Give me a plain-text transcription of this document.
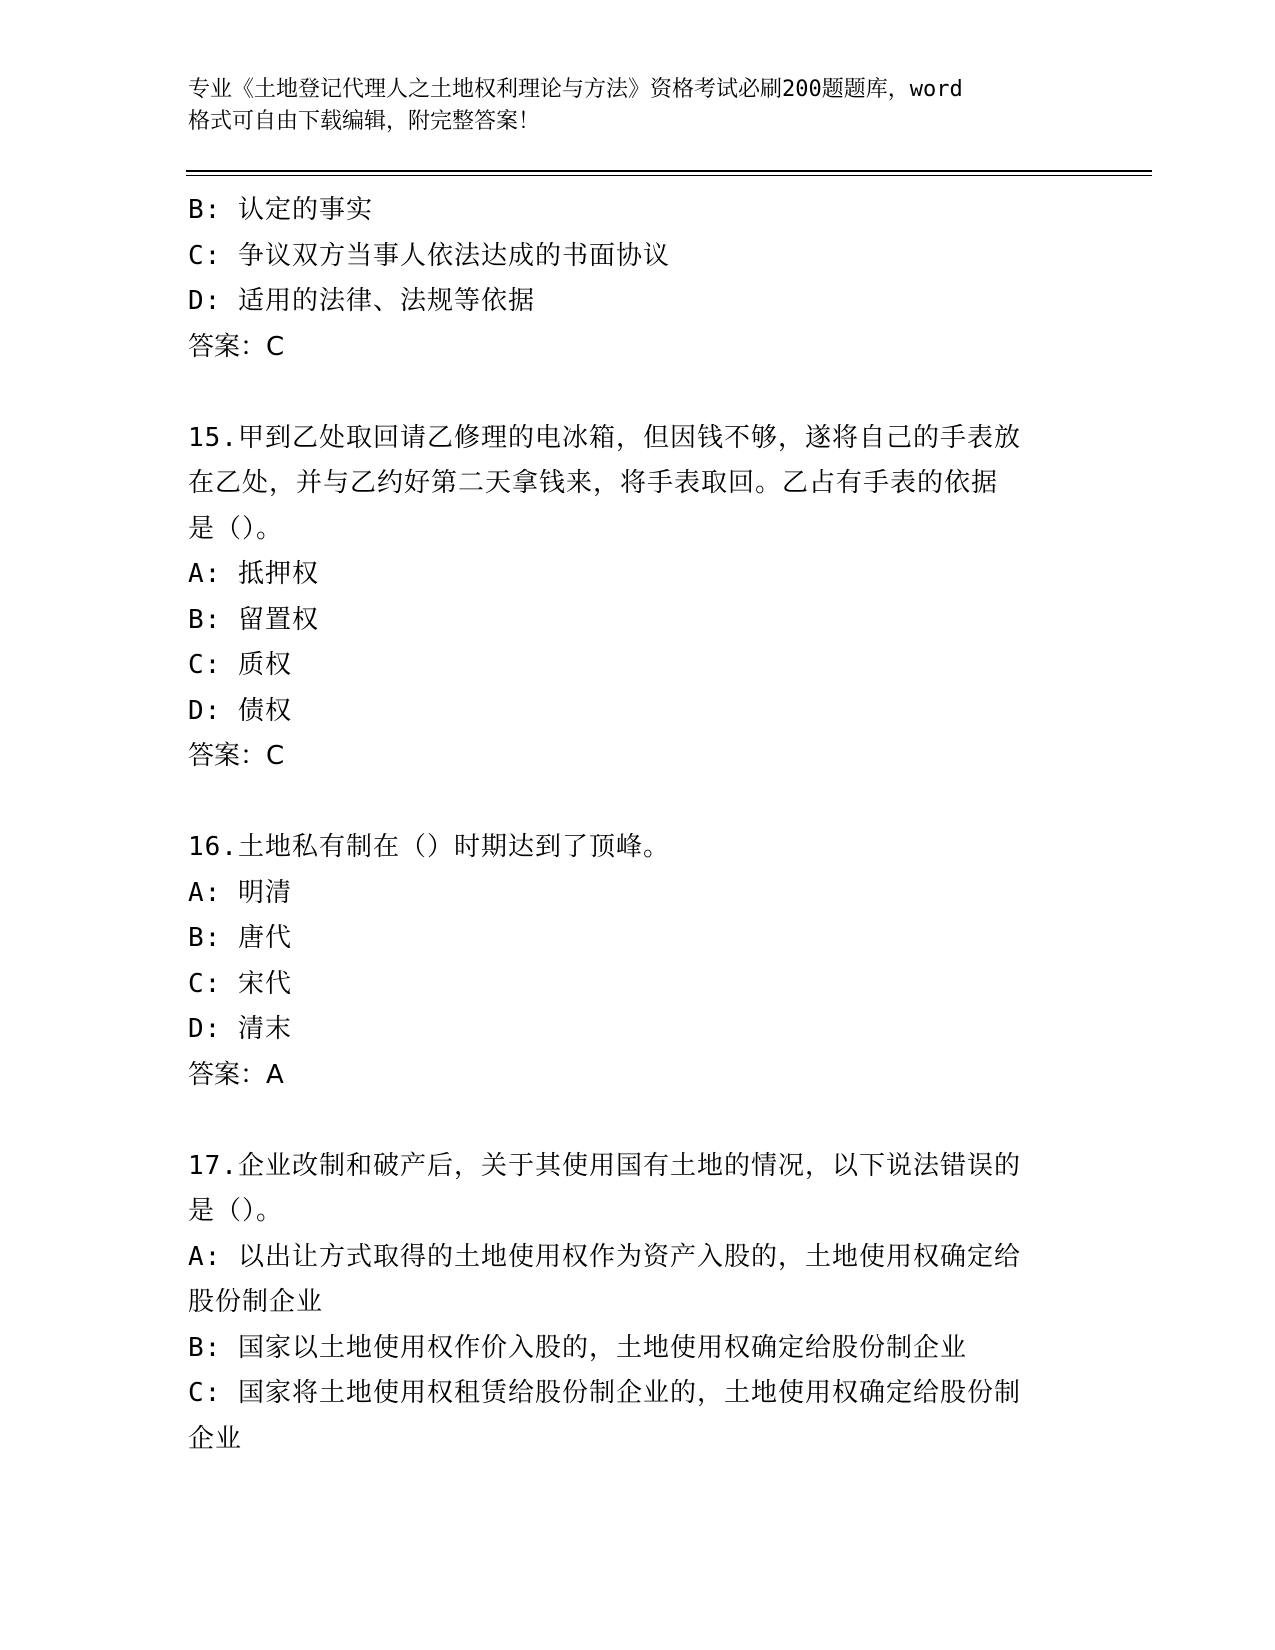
专业《土地登记代理人之土地权利理论与方法》资格考试必刷200题题库，word
格式可自由下载编辑，附完整答案！
B: 认定的事实
C: 争议双方当事人依法达成的书面协议
D: 适用的法律、法规等依据
答案：C
15.甲到乙处取回请乙修理的电冰箱，但因钱不够，遂将自己的手表放
在乙处，并与乙约好第二天拿钱来，将手表取回。乙占有手表的依据
是（）。
A: 抵押权
B: 留置权
C: 质权
D: 债权
答案：C
16.土地私有制在（）时期达到了顶峰。
A: 明清
B: 唐代
C: 宋代
D: 清末
答案：A
17.企业改制和破产后，关于其使用国有土地的情况，以下说法错误的
是（）。
A: 以出让方式取得的土地使用权作为资产入股的，土地使用权确定给
股份制企业
B: 国家以土地使用权作价入股的，土地使用权确定给股份制企业
C: 国家将土地使用权租赁给股份制企业的，土地使用权确定给股份制
企业
